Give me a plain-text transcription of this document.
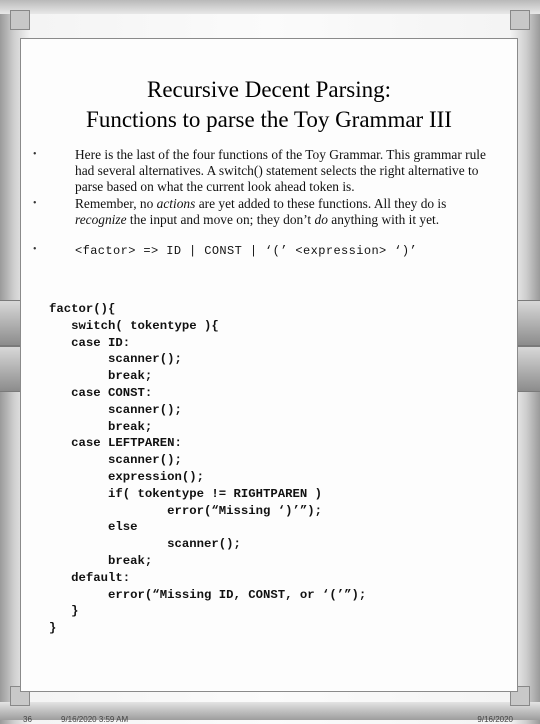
Recursive Decent Parsing:
Functions to parse the Toy Grammar III
•	Here is the last of the four functions of the Toy Grammar. This grammar rule had several alternatives. A switch() statement selects the right alternative to parse based on what the current look ahead token is.
•	Remember, no actions are yet added to these functions. All they do is recognize the input and move on; they don’t do anything with it yet.
•	<factor> => ID | CONST | ‘(’ <expression> ‘)’
factor(){
switch( tokentype ){
case ID:
scanner();
break;
case CONST:
scanner();
break;
case LEFTPAREN:
scanner();
expression();
if( tokentype != RIGHTPAREN )
error(“Missing ‘)’”);
else
scanner();
break;
default:
error(“Missing ID, CONST, or ‘(’”);
}
}
36	9/16/2020 3:59 AM	9/16/2020
